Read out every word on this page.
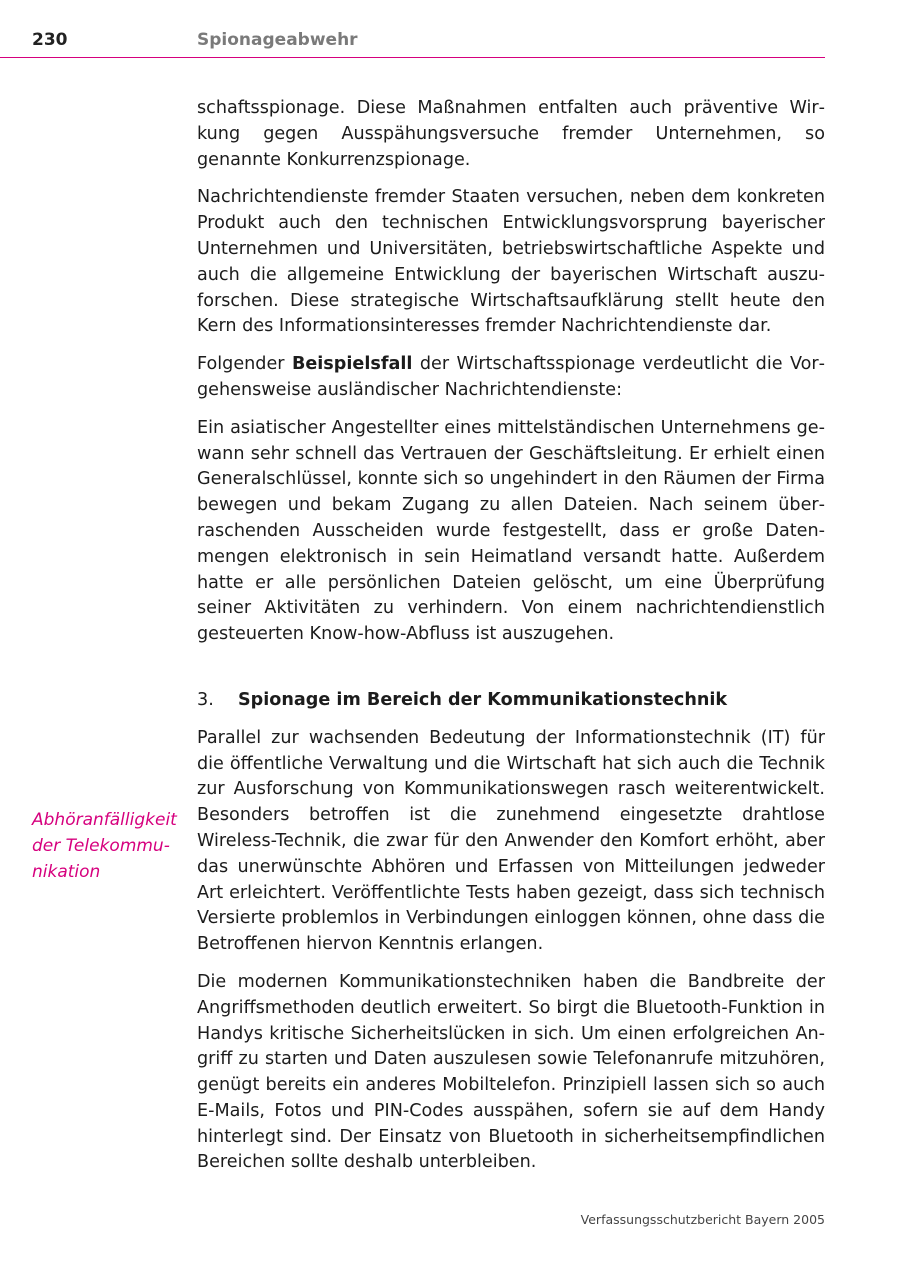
230	Spionageabwehr

schaftsspionage. Diese Maßnahmen entfalten auch präventive Wirkung gegen Ausspähungsversuche fremder Unternehmen, so genannte Konkurrenzspionage.

Nachrichtendienste fremder Staaten versuchen, neben dem konkreten Produkt auch den technischen Entwicklungsvorsprung bayerischer Unternehmen und Universitäten, betriebswirtschaftliche Aspekte und auch die allgemeine Entwicklung der bayerischen Wirtschaft auszuforschen. Diese strategische Wirtschaftsaufklärung stellt heute den Kern des Informationsinteresses fremder Nachrichtendienste dar.

Folgender Beispielsfall der Wirtschaftsspionage verdeutlicht die Vorgehensweise ausländischer Nachrichtendienste:

Ein asiatischer Angestellter eines mittelständischen Unternehmens gewann sehr schnell das Vertrauen der Geschäftsleitung. Er erhielt einen Generalschlüssel, konnte sich so ungehindert in den Räumen der Firma bewegen und bekam Zugang zu allen Dateien. Nach seinem überraschenden Ausscheiden wurde festgestellt, dass er große Datenmengen elektronisch in sein Heimatland versandt hatte. Außerdem hatte er alle persönlichen Dateien gelöscht, um eine Überprüfung seiner Aktivitäten zu verhindern. Von einem nachrichtendienstlich gesteuerten Know-how-Abfluss ist auszugehen.

3.	Spionage im Bereich der Kommunikationstechnik

Parallel zur wachsenden Bedeutung der Informationstechnik (IT) für die öffentliche Verwaltung und die Wirtschaft hat sich auch die Technik zur Ausforschung von Kommunikationswegen rasch weiterentwickelt. Besonders betroffen ist die zunehmend eingesetzte drahtlose Wireless-Technik, die zwar für den Anwender den Komfort erhöht, aber das unerwünschte Abhören und Erfassen von Mitteilungen jedweder Art erleichtert. Veröffentlichte Tests haben gezeigt, dass sich technisch Versierte problemlos in Verbindungen einloggen können, ohne dass die Betroffenen hiervon Kenntnis erlangen.

Die modernen Kommunikationstechniken haben die Bandbreite der Angriffsmethoden deutlich erweitert. So birgt die Bluetooth-Funktion in Handys kritische Sicherheitslücken in sich. Um einen erfolgreichen Angriff zu starten und Daten auszulesen sowie Telefonanrufe mitzuhören, genügt bereits ein anderes Mobiltelefon. Prinzipiell lassen sich so auch E-Mails, Fotos und PIN-Codes ausspähen, sofern sie auf dem Handy hinterlegt sind. Der Einsatz von Bluetooth in sicherheitsempfindlichen Bereichen sollte deshalb unterbleiben.

Abhöranfälligkeit der Telekommunikation
Verfassungsschutzbericht Bayern 2005
